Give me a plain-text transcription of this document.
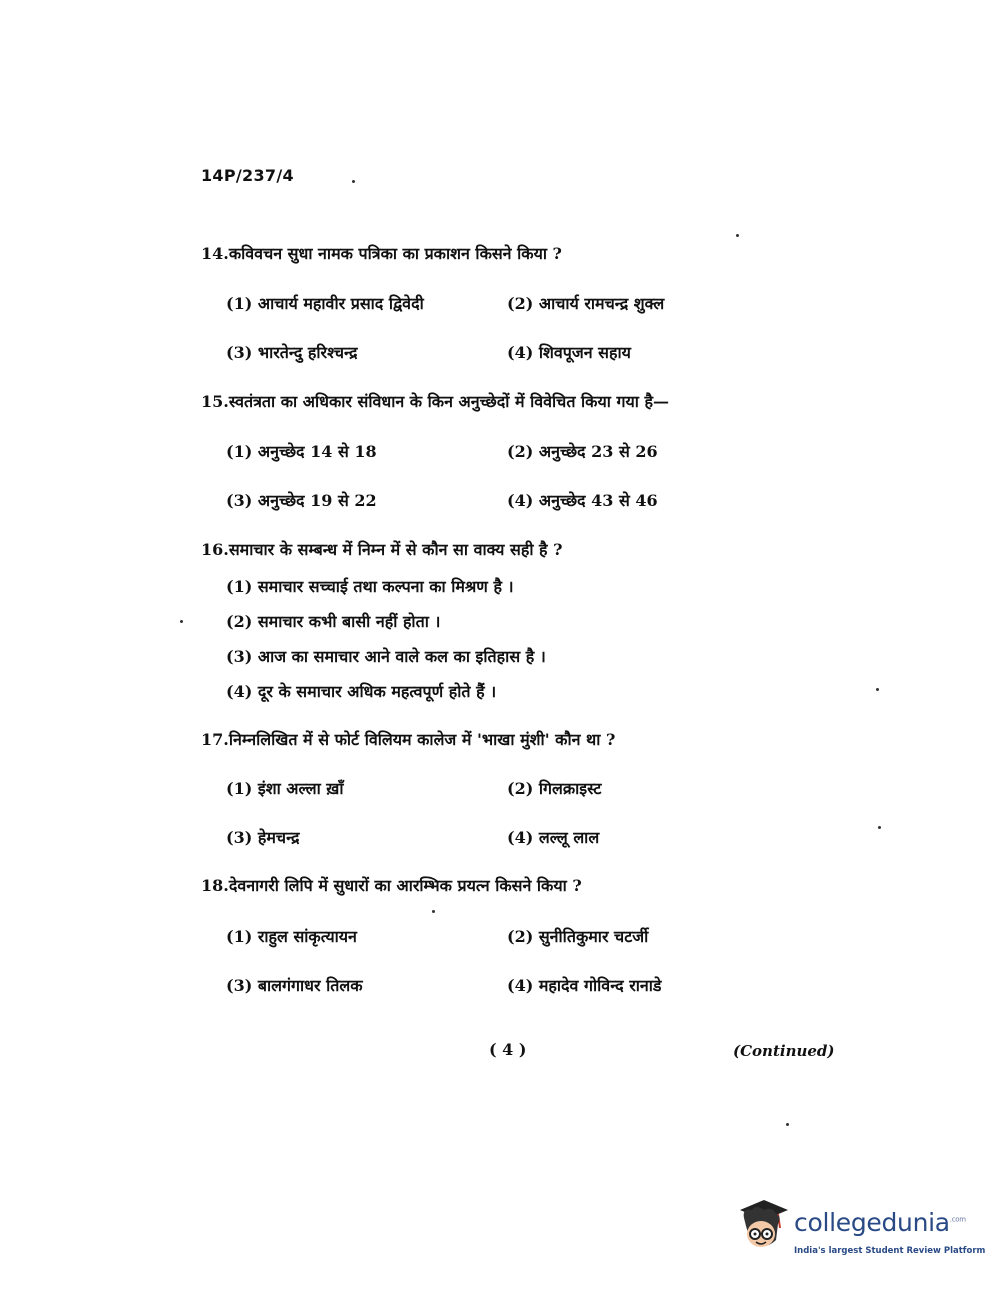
14P/237/4
14.कविवचन सुधा नामक पत्रिका का प्रकाशन किसने किया ?
(1) आचार्य महावीर प्रसाद द्विवेदी	(2) आचार्य रामचन्द्र शुक्ल
(3) भारतेन्दु हरिश्चन्द्र	(4) शिवपूजन सहाय
15.स्वतंत्रता का अधिकार संविधान के किन अनुच्छेदों में विवेचित किया गया है—
(1) अनुच्छेद 14 से 18	(2) अनुच्छेद 23 से 26
(3) अनुच्छेद 19 से 22	(4) अनुच्छेद 43 से 46
16.समाचार के सम्बन्ध में निम्न में से कौन सा वाक्य सही है ?
(1) समाचार सच्चाई तथा कल्पना का मिश्रण है ।
(2) समाचार कभी बासी नहीं होता ।
(3) आज का समाचार आने वाले कल का इतिहास है ।
(4) दूर के समाचार अधिक महत्वपूर्ण होते हैं ।
17.निम्नलिखित में से फोर्ट विलियम कालेज में 'भाखा मुंशी' कौन था ?
(1) इंशा अल्ला ख़ाँ	(2) गिलक्राइस्ट
(3) हेमचन्द्र	(4) लल्लू लाल
18.देवनागरी लिपि में सुधारों का आरम्भिक प्रयत्न किसने किया ?
(1) राहुल सांकृत्यायन	(2) सुनीतिकुमार चटर्जी
(3) बालगंगाधर तिलक	(4) महादेव गोविन्द रानाडे
( 4 )	(Continued)
collegedunia$^{.com}$
India's largest Student Review Platform
